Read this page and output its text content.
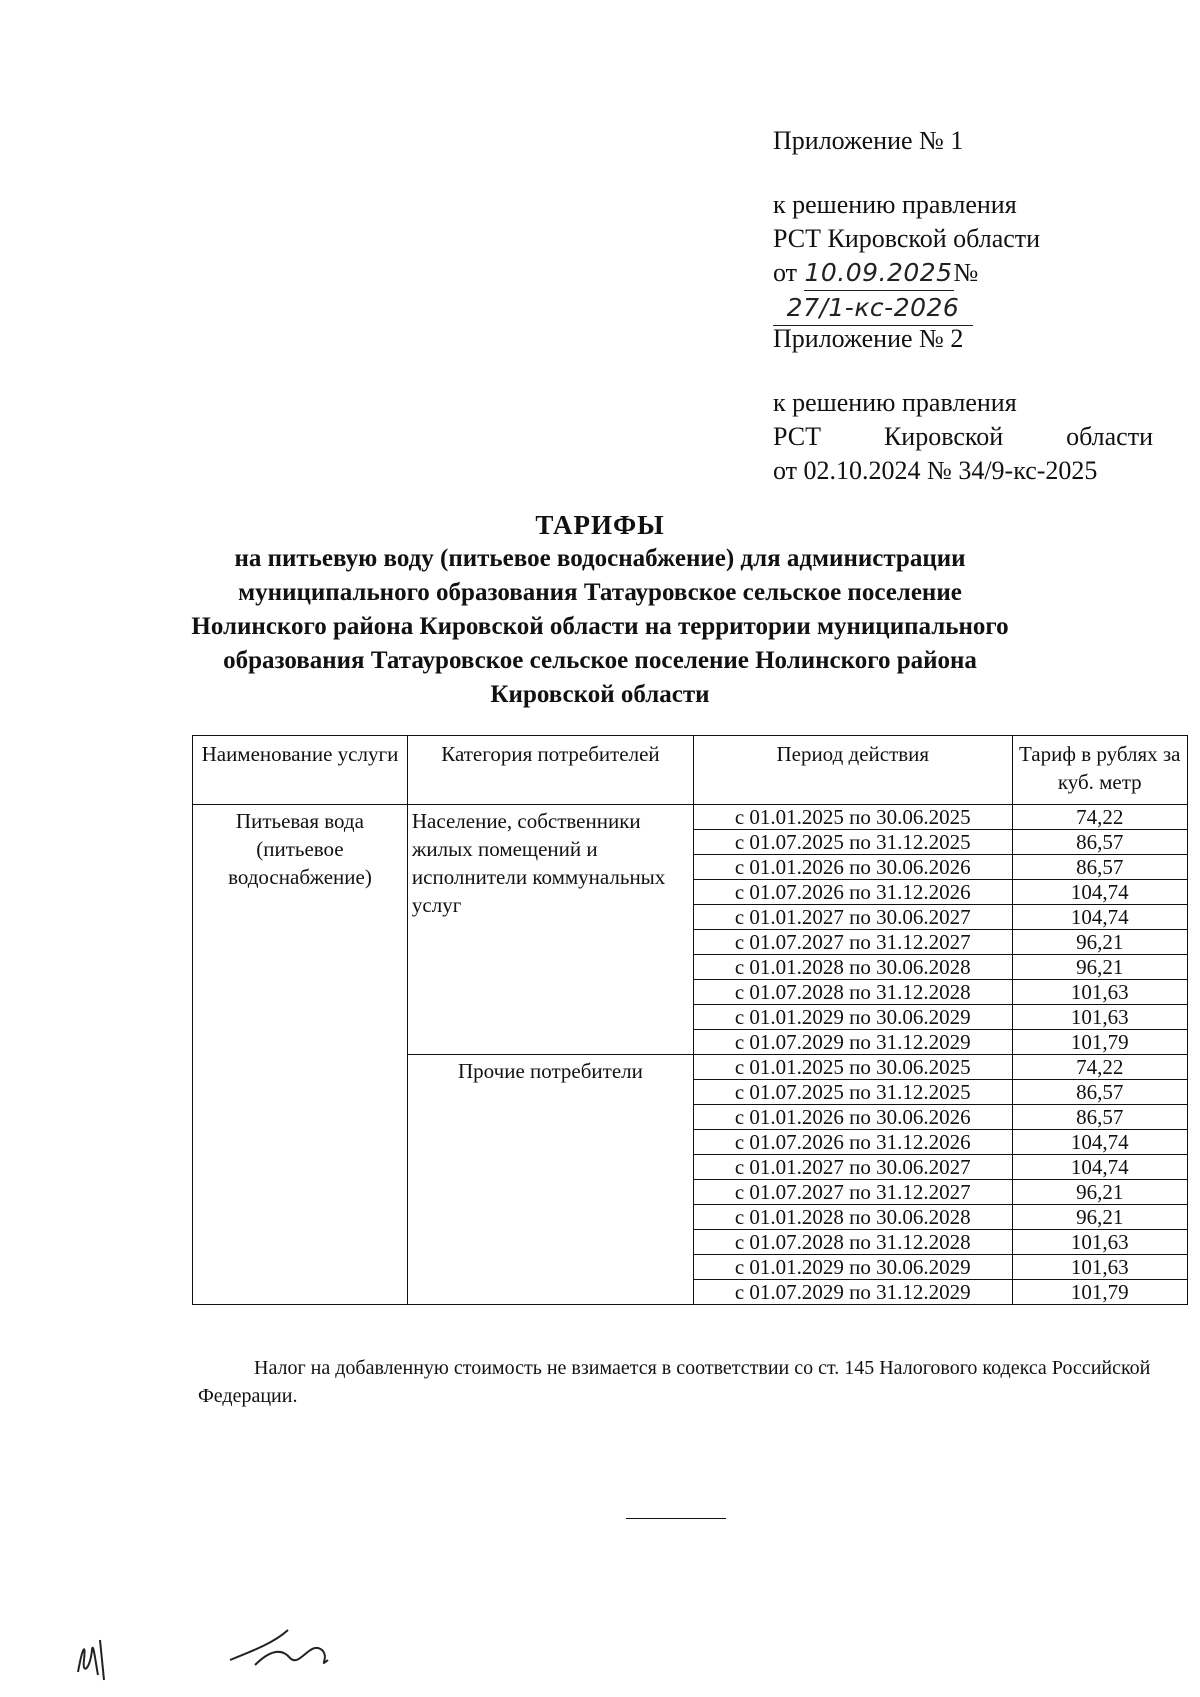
Приложение № 1
к решению правления
РСТ Кировской области
от 10.09.2025№27/1-кс-2026
Приложение № 2
к решению правления
РСТ Кировской области
от 02.10.2024 № 34/9-кс-2025
ТАРИФЫ
на питьевую воду (питьевое водоснабжение) для администрации
муниципального образования Татауровское сельское поселение
Нолинского района Кировской области на территории муниципального
образования Татауровское сельское поселение Нолинского района
Кировской области
Наименование услуги	Категория потребителей	Период действия	Тариф в рублях за куб. метр
Питьевая вода (питьевое водоснабжение)	Население, собственники жилых помещений и исполнители коммунальных услуг	с 01.01.2025 по 30.06.2025	74,22
		с 01.07.2025 по 31.12.2025	86,57
		с 01.01.2026 по 30.06.2026	86,57
		с 01.07.2026 по 31.12.2026	104,74
		с 01.01.2027 по 30.06.2027	104,74
		с 01.07.2027 по 31.12.2027	96,21
		с 01.01.2028 по 30.06.2028	96,21
		с 01.07.2028 по 31.12.2028	101,63
		с 01.01.2029 по 30.06.2029	101,63
		с 01.07.2029 по 31.12.2029	101,79
	Прочие потребители	с 01.01.2025 по 30.06.2025	74,22
		с 01.07.2025 по 31.12.2025	86,57
		с 01.01.2026 по 30.06.2026	86,57
		с 01.07.2026 по 31.12.2026	104,74
		с 01.01.2027 по 30.06.2027	104,74
		с 01.07.2027 по 31.12.2027	96,21
		с 01.01.2028 по 30.06.2028	96,21
		с 01.07.2028 по 31.12.2028	101,63
		с 01.01.2029 по 30.06.2029	101,63
		с 01.07.2029 по 31.12.2029	101,79
Налог на добавленную стоимость не взимается в соответствии со ст. 145 Налогового кодекса Российской Федерации.
